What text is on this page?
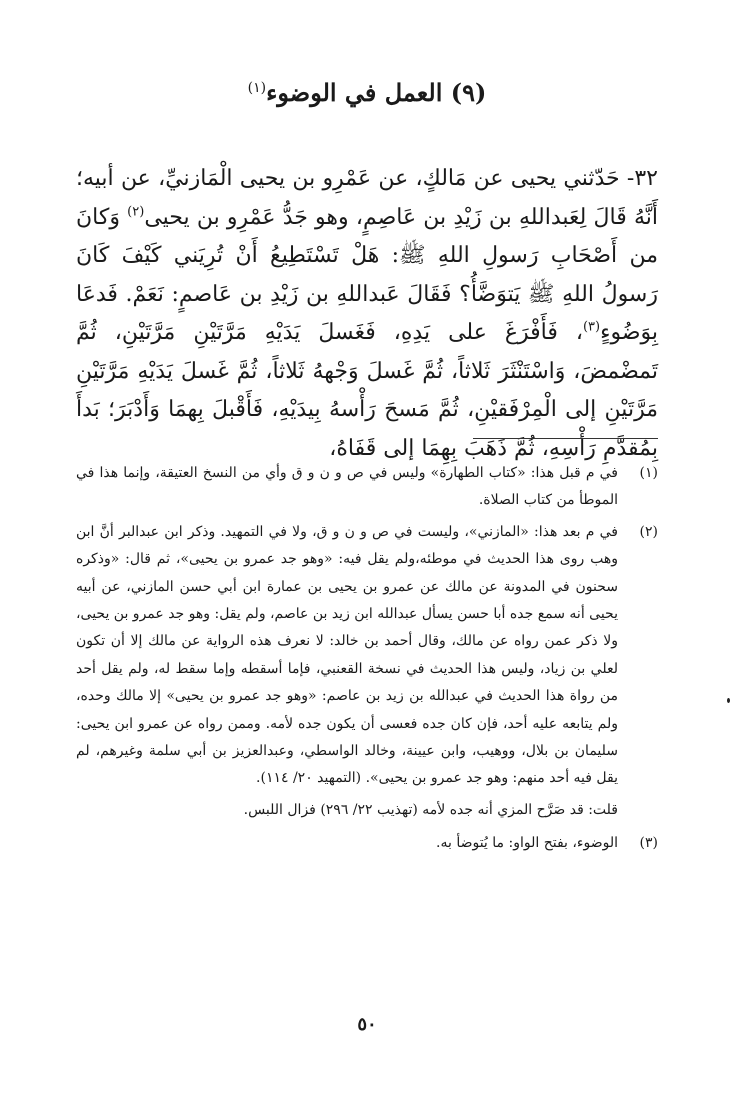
(٩) العمل في الوضوء$^{(١)}$

٣٢- حَدّثني يحيى عن مَالكٍ، عن عَمْرِو بن يحيى الْمَازنيِّ، عن أبيه؛ أَنَّهُ قَالَ لِعَبداللهِ بن زَيْدِ بن عَاصِمٍ، وهو جَدُّ عَمْرِو بن يحيى$^{(٢)}$ وَكانَ من أَصْحَابِ رَسولِ اللهِ ﷺ: هَلْ تَسْتَطِيعُ أَنْ تُرِيَني كَيْفَ كَانَ رَسولُ اللهِ ﷺ يَتوَضَّأُ؟ فَقَالَ عَبداللهِ بن زَيْدِ بن عَاصمٍ: نَعَمْ. فَدعَا بِوَضُوءٍ$^{(٣)}$، فَأَفْرَغَ على يَدِهِ، فَغَسلَ يَدَيْهِ مَرَّتَيْنِ مَرَّتَيْنِ، ثُمَّ تَمضْمضَ، وَاسْتَنْثَرَ ثَلاثاً، ثُمَّ غَسلَ وَجْههُ ثَلاثاً، ثُمَّ غَسلَ يَدَيْهِ مَرَّتَيْنِ مَرَّتَيْنِ إلى الْمِرْفَقيْنِ، ثُمَّ مَسحَ رَأْسهُ بِيدَيْهِ، فَأَقْبلَ بِهمَا وَأَدْبَرَ؛ بَدأَ بِمُقدَّمِ رَأْسِهِ، ثُمَّ ذَهَبَ بِهِمَا إلى قَفَاهُ،

(١)
في م قبل هذا: «كتاب الطهارة» وليس في ص و ن و ق وأي من النسخ العتيقة، وإنما هذا في الموطأ من كتاب الصلاة.

(٢)
في م بعد هذا: «المازني»، وليست في ص و ن و ق، ولا في التمهيد. وذكر ابن عبدالبر أنَّ ابن وهب روى هذا الحديث في موطئه،ولم يقل فيه: «وهو جد عمرو بن يحيى»، ثم قال: «وذكره سحنون في المدونة عن مالك عن عمرو بن يحيى بن عمارة ابن أبي حسن المازني، عن أبيه يحيى أنه سمع جده أبا حسن يسأل عبدالله ابن زيد بن عاصم، ولم يقل: وهو جد عمرو بن يحيى، ولا ذكر عمن رواه عن مالك، وقال أحمد بن خالد: لا نعرف هذه الرواية عن مالك إلا أن تكون لعلي بن زياد، وليس هذا الحديث في نسخة القعنبي، فإما أسقطه وإما سقط له، ولم يقل أحد من رواة هذا الحديث في عبدالله بن زيد بن عاصم: «وهو جد عمرو بن يحيى» إلا مالك وحده، ولم يتابعه عليه أحد، فإن كان جده فعسى أن يكون جده لأمه. وممن رواه عن عمرو ابن يحيى: سليمان بن بلال، ووهيب، وابن عيينة، وخالد الواسطي، وعبدالعزيز بن أبي سلمة وغيرهم، لم يقل فيه أحد منهم: وهو جد عمرو بن يحيى». (التمهيد ٢٠/ ١١٤).

قلت: قد صَرَّح المزي أنه جده لأمه (تهذيب ٢٢/ ٢٩٦) فزال اللبس.

(٣)
الوضوء، بفتح الواو: ما يُتوضأ به.

٥٠
